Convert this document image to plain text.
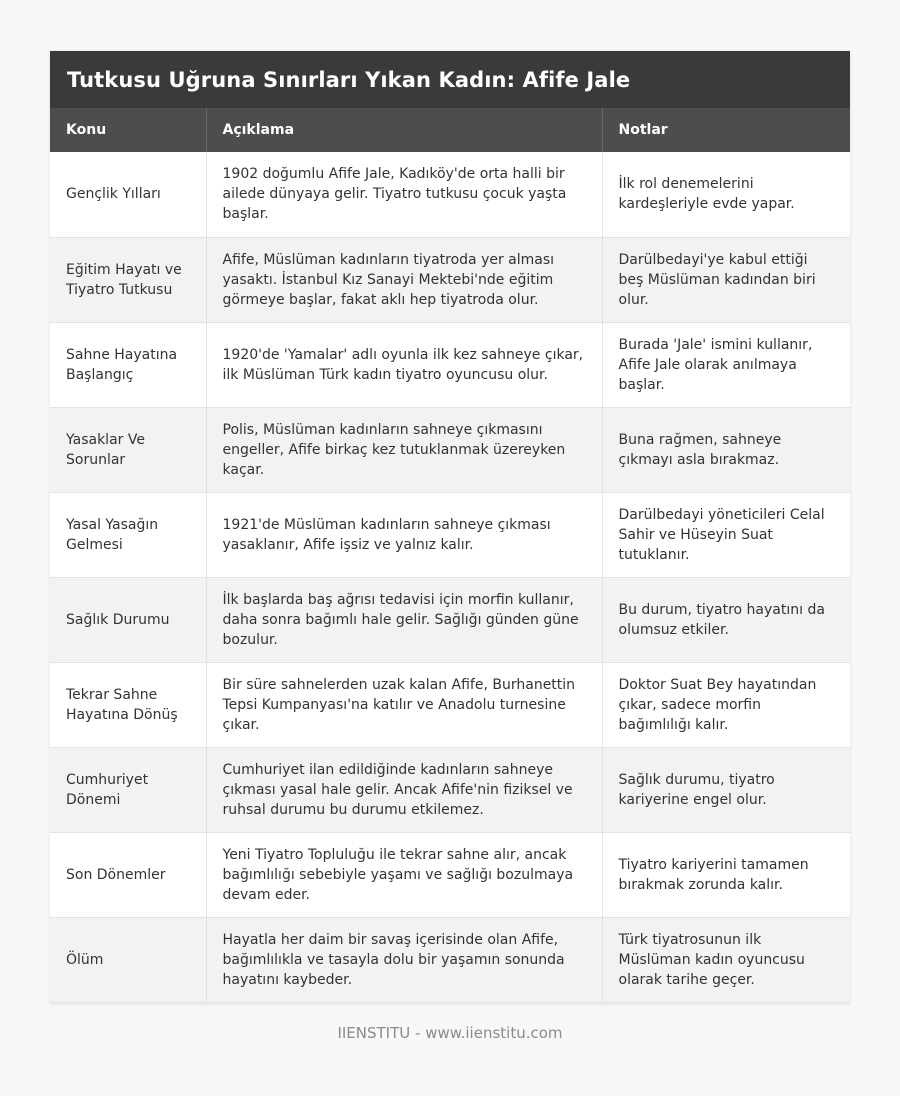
Tutkusu Uğruna Sınırları Yıkan Kadın: Afife Jale
Konu	Açıklama	Notlar
Gençlik Yılları	1902 doğumlu Afife Jale, Kadıköy'de orta halli bir ailede dünyaya gelir. Tiyatro tutkusu çocuk yaşta başlar.	İlk rol denemelerini kardeşleriyle evde yapar.
Eğitim Hayatı ve Tiyatro Tutkusu	Afife, Müslüman kadınların tiyatroda yer alması yasaktı. İstanbul Kız Sanayi Mektebi'nde eğitim görmeye başlar, fakat aklı hep tiyatroda olur.	Darülbedayi'ye kabul ettiği beş Müslüman kadından biri olur.
Sahne Hayatına Başlangıç	1920'de 'Yamalar' adlı oyunla ilk kez sahneye çıkar, ilk Müslüman Türk kadın tiyatro oyuncusu olur.	Burada 'Jale' ismini kullanır, Afife Jale olarak anılmaya başlar.
Yasaklar Ve Sorunlar	Polis, Müslüman kadınların sahneye çıkmasını engeller, Afife birkaç kez tutuklanmak üzereyken kaçar.	Buna rağmen, sahneye çıkmayı asla bırakmaz.
Yasal Yasağın Gelmesi	1921'de Müslüman kadınların sahneye çıkması yasaklanır, Afife işsiz ve yalnız kalır.	Darülbedayi yöneticileri Celal Sahir ve Hüseyin Suat tutuklanır.
Sağlık Durumu	İlk başlarda baş ağrısı tedavisi için morfin kullanır, daha sonra bağımlı hale gelir. Sağlığı günden güne bozulur.	Bu durum, tiyatro hayatını da olumsuz etkiler.
Tekrar Sahne Hayatına Dönüş	Bir süre sahnelerden uzak kalan Afife, Burhanettin Tepsi Kumpanyası'na katılır ve Anadolu turnesine çıkar.	Doktor Suat Bey hayatından çıkar, sadece morfin bağımlılığı kalır.
Cumhuriyet Dönemi	Cumhuriyet ilan edildiğinde kadınların sahneye çıkması yasal hale gelir. Ancak Afife'nin fiziksel ve ruhsal durumu bu durumu etkilemez.	Sağlık durumu, tiyatro kariyerine engel olur.
Son Dönemler	Yeni Tiyatro Topluluğu ile tekrar sahne alır, ancak bağımlılığı sebebiyle yaşamı ve sağlığı bozulmaya devam eder.	Tiyatro kariyerini tamamen bırakmak zorunda kalır.
Ölüm	Hayatla her daim bir savaş içerisinde olan Afife, bağımlılıkla ve tasayla dolu bir yaşamın sonunda hayatını kaybeder.	Türk tiyatrosunun ilk Müslüman kadın oyuncusu olarak tarihe geçer.
IIENSTITU - www.iienstitu.com
